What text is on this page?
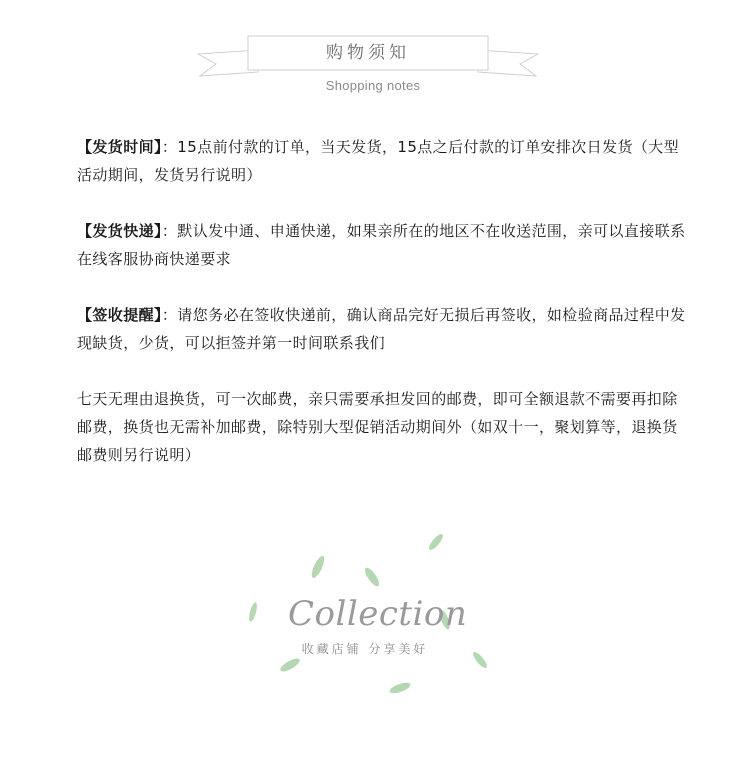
购物须知
Shopping notes

【发货时间】：15点前付款的订单，当天发货，15点之后付款的订单安排次日发货（大型活动期间，发货另行说明）

【发货快递】：默认发中通、申通快递，如果亲所在的地区不在收送范围，亲可以直接联系在线客服协商快递要求

【签收提醒】：请您务必在签收快递前，确认商品完好无损后再签收，如检验商品过程中发现缺货，少货，可以拒签并第一时间联系我们

七天无理由退换货，可一次邮费，亲只需要承担发回的邮费，即可全额退款不需要再扣除邮费，换货也无需补加邮费，除特别大型促销活动期间外（如双十一，聚划算等，退换货邮费则另行说明）

Collection
收藏店铺 分享美好
